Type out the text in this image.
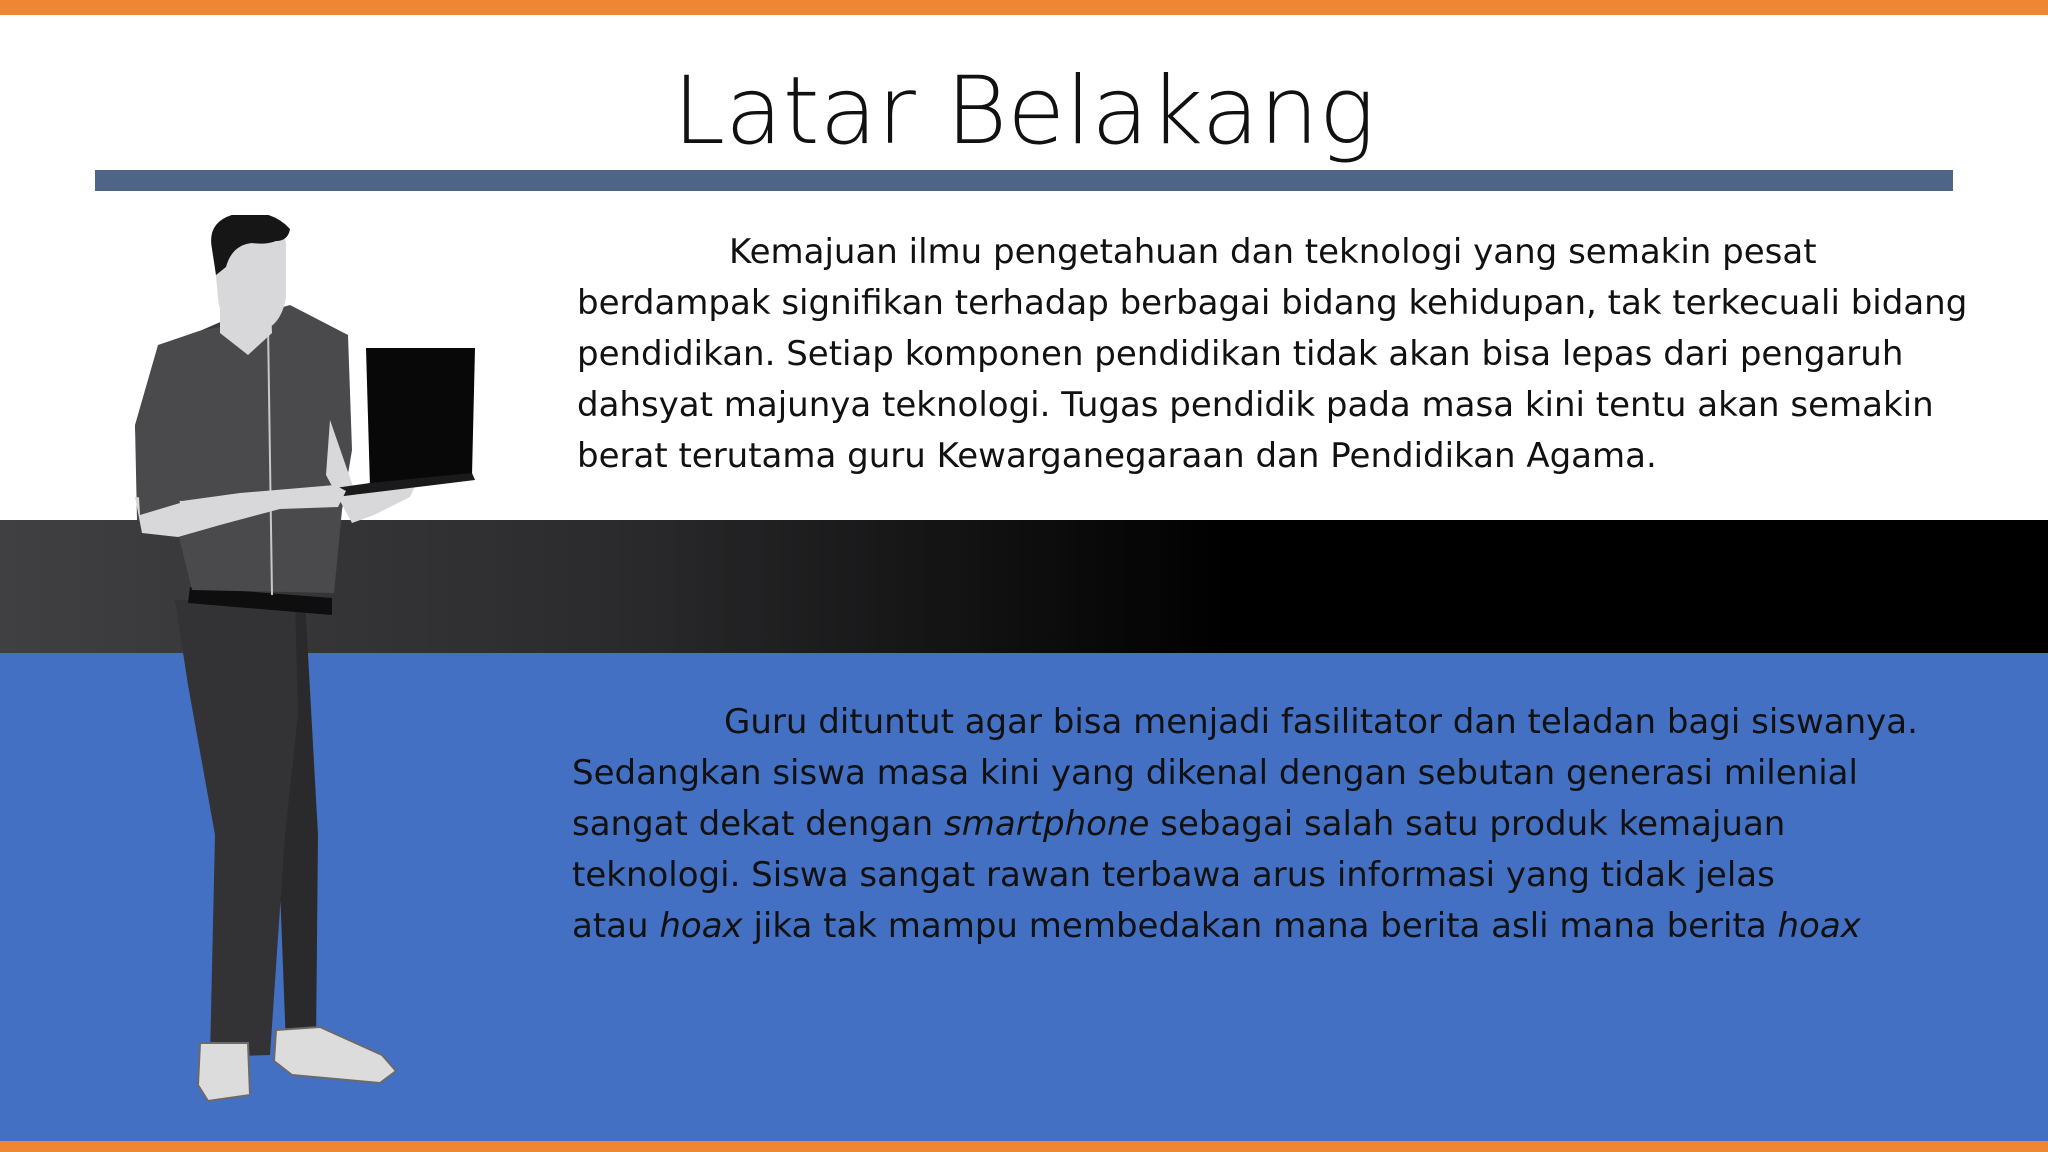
Latar Belakang
Kemajuan ilmu pengetahuan dan teknologi yang semakin pesat
berdampak signifikan terhadap berbagai bidang kehidupan, tak terkecuali bidang
pendidikan. Setiap komponen pendidikan tidak akan bisa lepas dari pengaruh
dahsyat majunya teknologi. Tugas pendidik pada masa kini tentu akan semakin
berat terutama guru Kewarganegaraan dan Pendidikan Agama.
Guru dituntut agar bisa menjadi fasilitator dan teladan bagi siswanya.
Sedangkan siswa masa kini yang dikenal dengan sebutan generasi milenial
sangat dekat dengan smartphone sebagai salah satu produk kemajuan
teknologi. Siswa sangat rawan terbawa arus informasi yang tidak jelas
atau hoax jika tak mampu membedakan mana berita asli mana berita hoax
